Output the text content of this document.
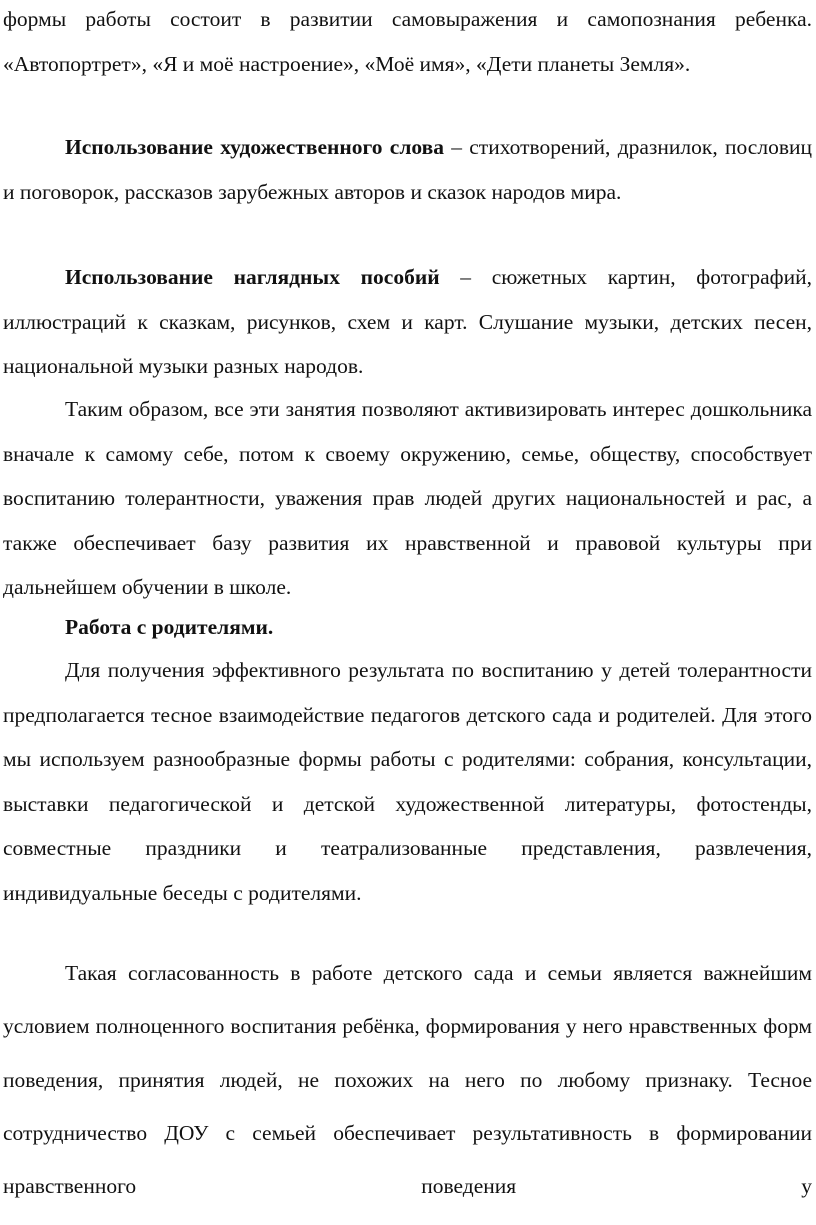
формы работы состоит в развитии самовыражения и самопознания ребенка. «Автопортрет», «Я и моё настроение», «Моё имя», «Дети планеты Земля».

Использование художественного слова – стихотворений, дразнилок, пословиц и поговорок, рассказов зарубежных авторов и сказок народов мира.

Использование наглядных пособий – сюжетных картин, фотографий, иллюстраций к сказкам, рисунков, схем и карт. Слушание музыки, детских песен, национальной музыки разных народов.

Таким образом, все эти занятия позволяют активизировать интерес дошкольника вначале к самому себе, потом к своему окружению, семье, обществу, способствует воспитанию толерантности, уважения прав людей других национальностей и рас, а также обеспечивает базу развития их нравственной и правовой культуры при дальнейшем обучении в школе.

Работа с родителями.

Для получения эффективного результата по воспитанию у детей толерантности предполагается тесное взаимодействие педагогов детского сада и родителей. Для этого мы используем разнообразные формы работы с родителями: собрания, консультации, выставки педагогической и детской художественной литературы, фотостенды, совместные праздники и театрализованные представления, развлечения, индивидуальные беседы с родителями.

Такая согласованность в работе детского сада и семьи является важнейшим условием полноценного воспитания ребёнка, формирования у него нравственных форм поведения, принятия людей, не похожих на него по любому признаку. Тесное сотрудничество ДОУ с семьей обеспечивает результативность в формировании нравственного поведения у
